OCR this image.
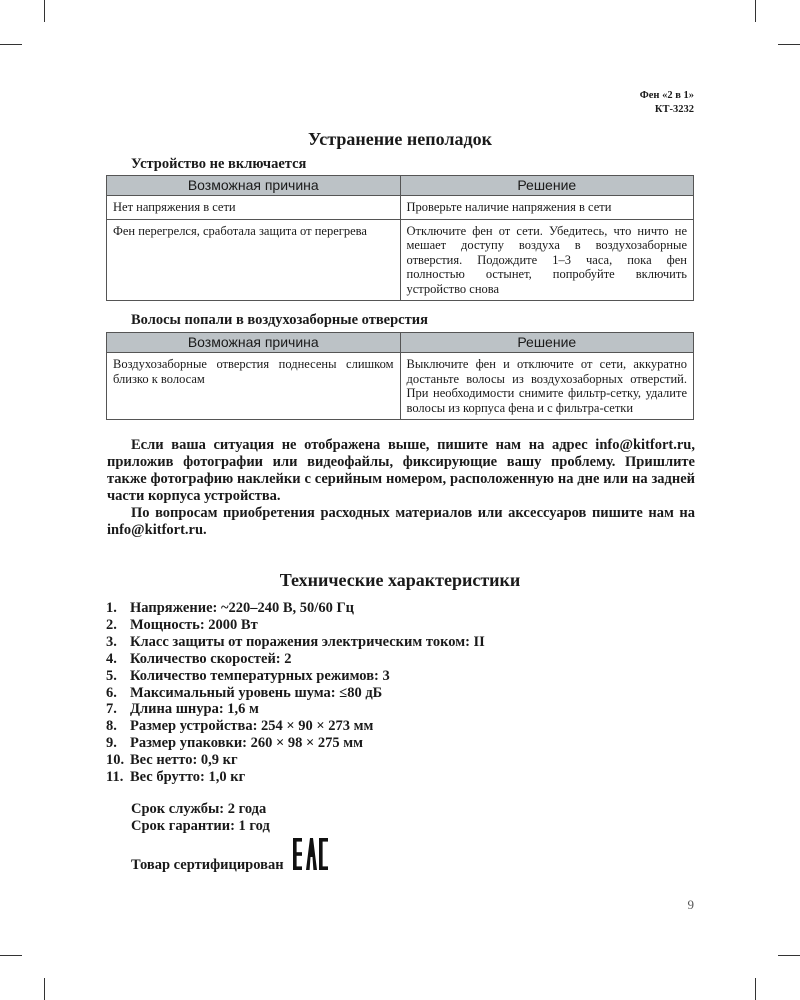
Фен «2 в 1»
КТ-3232
Устранение неполадок
Устройство не включается
Возможная причина	Решение
Нет напряжения в сети	Проверьте наличие напряжения в сети
Фен перегрелся, сработала защита от перегрева	Отключите фен от сети. Убедитесь, что ничто не мешает доступу воздуха в воздухозаборные отверстия. Подождите 1–3 часа, пока фен полностью остынет, попробуйте включить устройство снова
Волосы попали в воздухозаборные отверстия
Возможная причина	Решение
Воздухозаборные отверстия поднесены слишком близко к волосам	Выключите фен и отключите от сети, аккуратно достаньте волосы из воздухозаборных отверстий. При необходимости снимите фильтр-сетку, удалите волосы из корпуса фена и с фильтра-сетки

Если ваша ситуация не отображена выше, пишите нам на адрес info@kitfort.ru, приложив фотографии или видеофайлы, фиксирующие вашу проблему. Пришлите также фотографию наклейки с серийным номером, расположенную на дне или на задней части корпуса устройства.

По вопросам приобретения расходных материалов или аксессуаров пишите нам на info@kitfort.ru.

Технические характеристики
1. Напряжение: ~220–240 В, 50/60 Гц
2. Мощность: 2000 Вт
3. Класс защиты от поражения электрическим током: II
4. Количество скоростей: 2
5. Количество температурных режимов: 3
6. Максимальный уровень шума: ≤80 дБ
7. Длина шнура: 1,6 м
8. Размер устройства: 254 × 90 × 273 мм
9. Размер упаковки: 260 × 98 × 275 мм
10. Вес нетто: 0,9 кг
11. Вес брутто: 1,0 кг
Срок службы: 2 года
Срок гарантии: 1 год
Товар сертифицирован
9
